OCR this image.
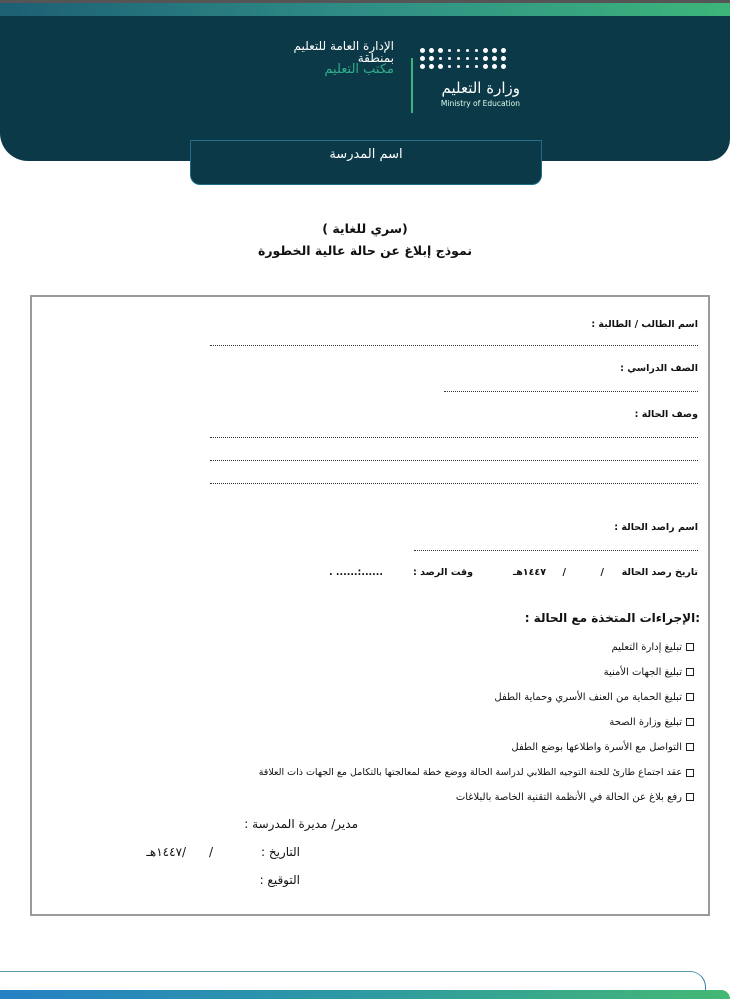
وزارة التعليم
Ministry of Education
الإدارة العامة للتعليم
بمنطقة
مكتب التعليم
اسم المدرسة
(سري للغاية )
نموذج إبلاغ عن حالة عالية الخطورة
اسم الطالب / الطالبة :
الصف الدراسي :
وصف الحالة :
اسم راصد الحالة :
تاريخ رصد الحالة
/
/
١٤٤٧هـ
وقت الرصد :
......:...... .
:الإجراءات المتخذة مع الحالة :
تبليغ إدارة التعليم
تبليغ الجهات الأمنية
تبليغ الحماية من العنف الأسري وحماية الطفل
تبليغ وزارة الصحة
التواصل مع الأسرة واطلاعها بوضع الطفل
عقد اجتماع طارئ للجنة التوجيه الطلابي لدراسة الحالة ووضع خطة لمعالجتها بالتكامل مع الجهات ذات العلاقة
رفع بلاغ عن الحالة في الأنظمة التقنية الخاصة بالبلاغات
مدير/ مديرة المدرسة :
التاريخ :
/      /١٤٤٧هـ
التوقيع :
